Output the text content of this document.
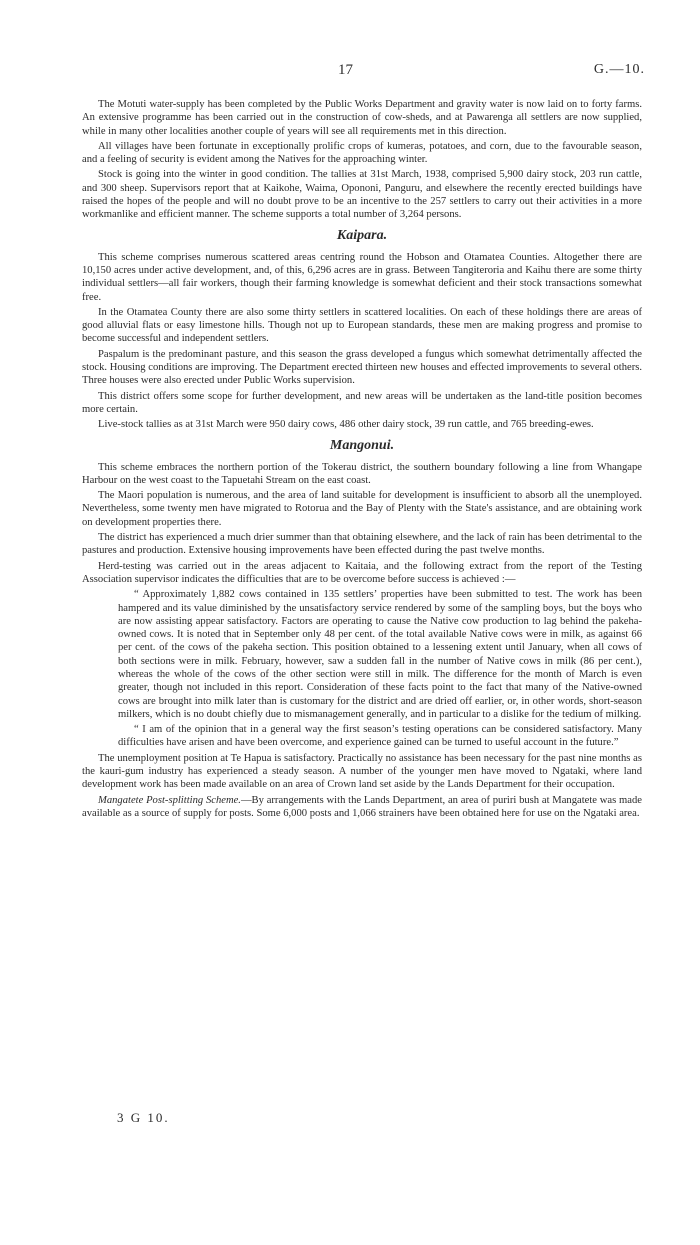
17	G.—10.

The Motuti water-supply has been completed by the Public Works Department and gravity water is now laid on to forty farms. An extensive programme has been carried out in the construction of cow-sheds, and at Pawarenga all settlers are now supplied, while in many other localities another couple of years will see all requirements met in this direction.

All villages have been fortunate in exceptionally prolific crops of kumeras, potatoes, and corn, due to the favourable season, and a feeling of security is evident among the Natives for the approaching winter.

Stock is going into the winter in good condition. The tallies at 31st March, 1938, comprised 5,900 dairy stock, 203 run cattle, and 300 sheep. Supervisors report that at Kaikohe, Waima, Opononi, Panguru, and elsewhere the recently erected buildings have raised the hopes of the people and will no doubt prove to be an incentive to the 257 settlers to carry out their activities in a more workmanlike and efficient manner. The scheme supports a total number of 3,264 persons.

Kaipara.

This scheme comprises numerous scattered areas centring round the Hobson and Otamatea Counties. Altogether there are 10,150 acres under active development, and, of this, 6,296 acres are in grass. Between Tangiteroria and Kaihu there are some thirty individual settlers—all fair workers, though their farming knowledge is somewhat deficient and their stock transactions somewhat free.

In the Otamatea County there are also some thirty settlers in scattered localities. On each of these holdings there are areas of good alluvial flats or easy limestone hills. Though not up to European standards, these men are making progress and promise to become successful and independent settlers.

Paspalum is the predominant pasture, and this season the grass developed a fungus which somewhat detrimentally affected the stock. Housing conditions are improving. The Department erected thirteen new houses and effected improvements to several others. Three houses were also erected under Public Works supervision.

This district offers some scope for further development, and new areas will be undertaken as the land-title position becomes more certain.

Live-stock tallies as at 31st March were 950 dairy cows, 486 other dairy stock, 39 run cattle, and 765 breeding-ewes.

Mangonui.

This scheme embraces the northern portion of the Tokerau district, the southern boundary following a line from Whangape Harbour on the west coast to the Tapuetahi Stream on the east coast.

The Maori population is numerous, and the area of land suitable for development is insufficient to absorb all the unemployed. Nevertheless, some twenty men have migrated to Rotorua and the Bay of Plenty with the State's assistance, and are obtaining work on development properties there.

The district has experienced a much drier summer than that obtaining elsewhere, and the lack of rain has been detrimental to the pastures and production. Extensive housing improvements have been effected during the past twelve months.

Herd-testing was carried out in the areas adjacent to Kaitaia, and the following extract from the report of the Testing Association supervisor indicates the difficulties that are to be overcome before success is achieved :—

“ Approximately 1,882 cows contained in 135 settlers’ properties have been submitted to test. The work has been hampered and its value diminished by the unsatisfactory service rendered by some of the sampling boys, but the boys who are now assisting appear satisfactory. Factors are operating to cause the Native cow production to lag behind the pakeha-owned cows. It is noted that in September only 48 per cent. of the total available Native cows were in milk, as against 66 per cent. of the cows of the pakeha section. This position obtained to a lessening extent until January, when all cows of both sections were in milk. February, however, saw a sudden fall in the number of Native cows in milk (86 per cent.), whereas the whole of the cows of the other section were still in milk. The difference for the month of March is even greater, though not included in this report. Consideration of these facts point to the fact that many of the Native-owned cows are brought into milk later than is customary for the district and are dried off earlier, or, in other words, short-season milkers, which is no doubt chiefly due to mismanagement generally, and in particular to a dislike for the tedium of milking.

“ I am of the opinion that in a general way the first season’s testing operations can be considered satisfactory. Many difficulties have arisen and have been overcome, and experience gained can be turned to useful account in the future.”

The unemployment position at Te Hapua is satisfactory. Practically no assistance has been necessary for the past nine months as the kauri-gum industry has experienced a steady season. A number of the younger men have moved to Ngataki, where land development work has been made available on an area of Crown land set aside by the Lands Department for their occupation.

Mangatete Post-splitting Scheme.—By arrangements with the Lands Department, an area of puriri bush at Mangatete was made available as a source of supply for posts. Some 6,000 posts and 1,066 strainers have been obtained here for use on the Ngataki area.

3 G 10.
